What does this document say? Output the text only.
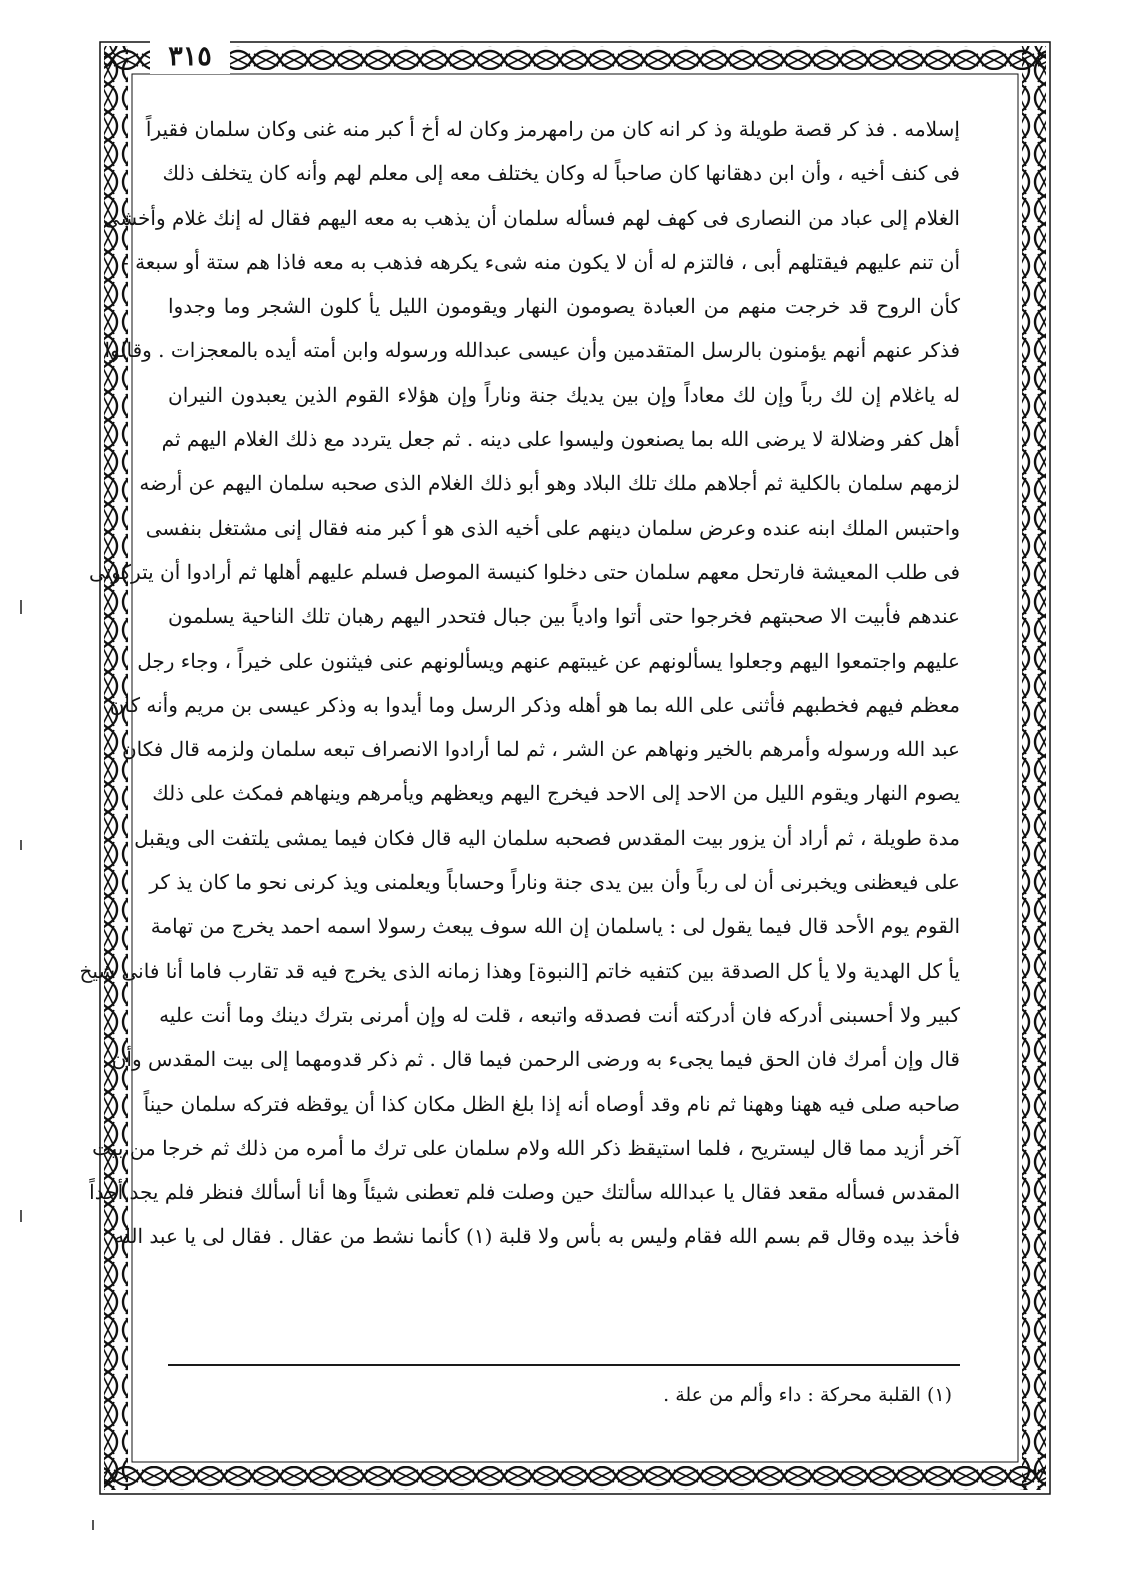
٣١٥
إسلامه . فذ كر قصة طويلة وذ كر انه كان من رامهرمز وكان له أخ أ كبر منه غنى وكان سلمان فقيراً
فى كنف أخيه ، وأن ابن دهقانها كان صاحباً له وكان يختلف معه إلى معلم لهم وأنه كان يتخلف ذلك
الغلام إلى عباد من النصارى فى كهف لهم فسأله سلمان أن يذهب به معه اليهم فقال له إنك غلام وأخشى
أن تنم عليهم فيقتلهم أبى ، فالتزم له أن لا يكون منه شىء يكرهه فذهب به معه فاذا هم ستة أو سبعة -
كأن الروح قد خرجت منهم من العبادة يصومون النهار ويقومون الليل يأ كلون الشجر وما وجدوا
فذكر عنهم أنهم يؤمنون بالرسل المتقدمين وأن عيسى عبدالله ورسوله وابن أمته أيده بالمعجزات . وقالوا
له ياغلام إن لك رباً وإن لك معاداً وإن بين يديك جنة وناراً وإن هؤلاء القوم الذين يعبدون النيران
أهل كفر وضلالة لا يرضى الله بما يصنعون وليسوا على دينه . ثم جعل يتردد مع ذلك الغلام اليهم ثم
لزمهم سلمان بالكلية ثم أجلاهم ملك تلك البلاد وهو أبو ذلك الغلام الذى صحبه سلمان اليهم عن أرضه
واحتبس الملك ابنه عنده وعرض سلمان دينهم على أخيه الذى هو أ كبر منه فقال إنى مشتغل بنفسى
فى طلب المعيشة فارتحل معهم سلمان حتى دخلوا كنيسة الموصل فسلم عليهم أهلها ثم أرادوا أن يتركونى
عندهم فأبيت الا صحبتهم فخرجوا حتى أتوا وادياً بين جبال فتحدر اليهم رهبان تلك الناحية يسلمون
عليهم واجتمعوا اليهم وجعلوا يسألونهم عن غيبتهم عنهم ويسألونهم عنى فيثنون على خيراً ، وجاء رجل
معظم فيهم فخطبهم فأثنى على الله بما هو أهله وذكر الرسل وما أيدوا به وذكر عيسى بن مريم وأنه كان
عبد الله ورسوله وأمرهم بالخير ونهاهم عن الشر ، ثم لما أرادوا الانصراف تبعه سلمان ولزمه قال فكان
يصوم النهار ويقوم الليل من الاحد إلى الاحد فيخرج اليهم ويعظهم ويأمرهم وينهاهم فمكث على ذلك
مدة طويلة ، ثم أراد أن يزور بيت المقدس فصحبه سلمان اليه قال فكان فيما يمشى يلتفت الى ويقبل
على فيعظنى ويخبرنى أن لى رباً وأن بين يدى جنة وناراً وحساباً ويعلمنى ويذ كرنى نحو ما كان يذ كر
القوم يوم الأحد قال فيما يقول لى : ياسلمان إن الله سوف يبعث رسولا اسمه احمد يخرج من تهامة
يأ كل الهدية ولا يأ كل الصدقة بين كتفيه خاتم [النبوة] وهذا زمانه الذى يخرج فيه قد تقارب فاما أنا فانى شيخ
كبير ولا أحسبنى أدركه فان أدركته أنت فصدقه واتبعه ، قلت له وإن أمرنى بترك دينك وما أنت عليه
قال وإن أمرك فان الحق فيما يجىء به ورضى الرحمن فيما قال . ثم ذكر قدومهما إلى بيت المقدس وأن
صاحبه صلى فيه ههنا وههنا ثم نام وقد أوصاه أنه إذا بلغ الظل مكان كذا أن يوقظه فتركه سلمان حيناً
آخر أزيد مما قال ليستريح ، فلما استيقظ ذكر الله ولام سلمان على ترك ما أمره من ذلك ثم خرجا من بيت
المقدس فسأله مقعد فقال يا عبدالله سألتك حين وصلت فلم تعطنى شيئاً وها أنا أسألك فنظر فلم يجد أحداً
فأخذ بيده وقال قم بسم الله فقام وليس به بأس ولا قلبة (١) كأنما نشط من عقال . فقال لى يا عبد الله
(١) القلبة محركة : داء وألم من علة .
